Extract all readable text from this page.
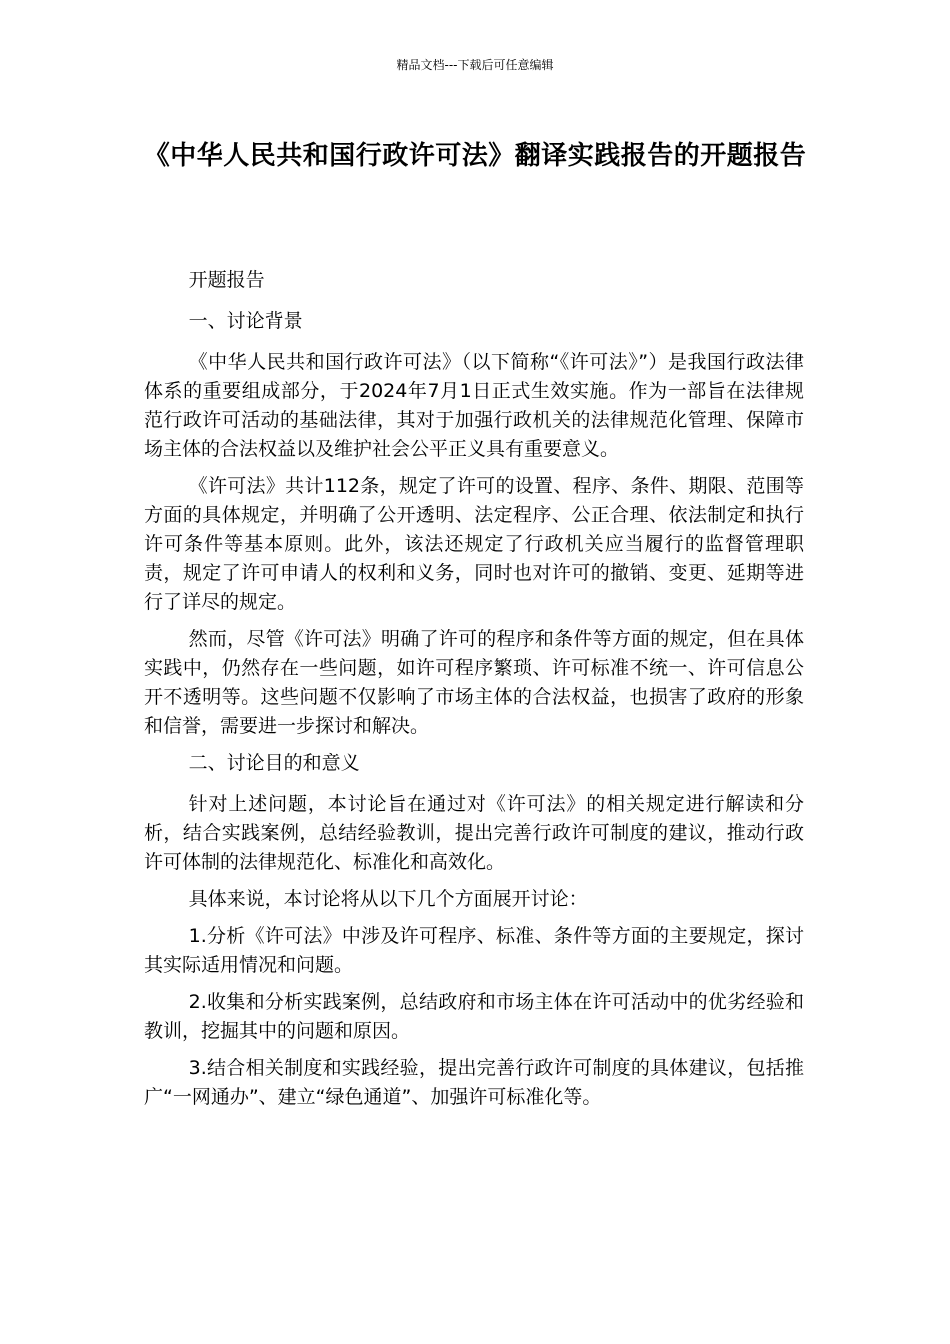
精品文档---下载后可任意编辑
《中华人民共和国行政许可法》翻译实践报告的开题报告
开题报告
一、讨论背景

《中华人民共和国行政许可法》（以下简称“《许可法》”）是我国行政法律体系的重要组成部分，于2024年7月1日正式生效实施。作为一部旨在法律规范行政许可活动的基础法律，其对于加强行政机关的法律规范化管理、保障市场主体的合法权益以及维护社会公平正义具有重要意义。

《许可法》共计112条，规定了许可的设置、程序、条件、期限、范围等方面的具体规定，并明确了公开透明、法定程序、公正合理、依法制定和执行许可条件等基本原则。此外，该法还规定了行政机关应当履行的监督管理职责，规定了许可申请人的权利和义务，同时也对许可的撤销、变更、延期等进行了详尽的规定。

然而，尽管《许可法》明确了许可的程序和条件等方面的规定，但在具体实践中，仍然存在一些问题，如许可程序繁琐、许可标准不统一、许可信息公开不透明等。这些问题不仅影响了市场主体的合法权益，也损害了政府的形象和信誉，需要进一步探讨和解决。

二、讨论目的和意义

针对上述问题，本讨论旨在通过对《许可法》的相关规定进行解读和分析，结合实践案例，总结经验教训，提出完善行政许可制度的建议，推动行政许可体制的法律规范化、标准化和高效化。

具体来说，本讨论将从以下几个方面展开讨论：

1.分析《许可法》中涉及许可程序、标准、条件等方面的主要规定，探讨其实际适用情况和问题。

2.收集和分析实践案例，总结政府和市场主体在许可活动中的优劣经验和教训，挖掘其中的问题和原因。

3.结合相关制度和实践经验，提出完善行政许可制度的具体建议，包括推广“一网通办”、建立“绿色通道”、加强许可标准化等。
